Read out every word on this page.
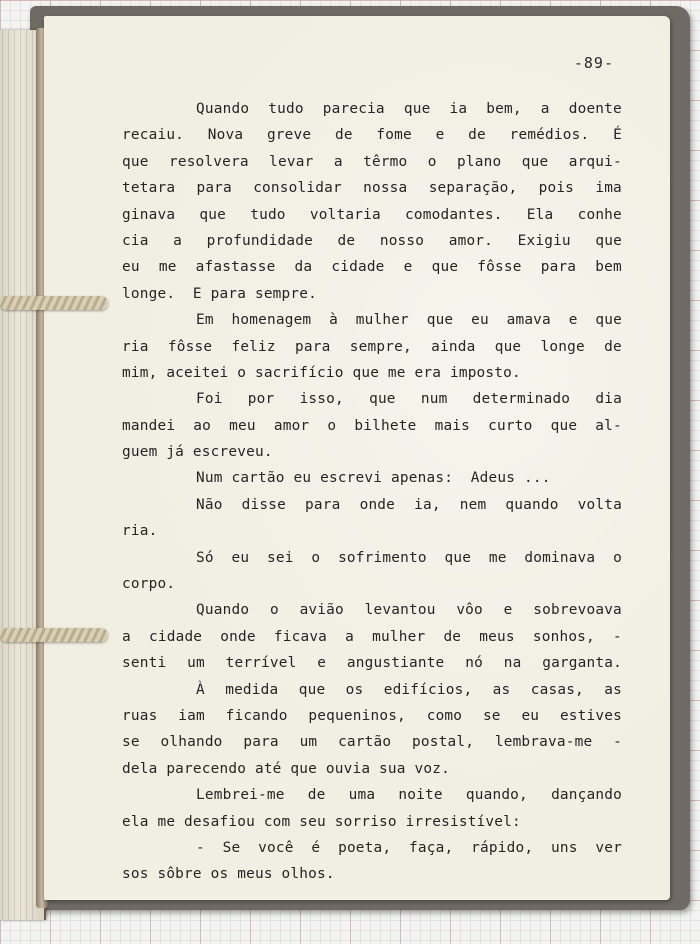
-89-
Quando tudo parecia que ia bem, a doente
recaiu. Nova greve de fome e de remédios. É
que resolvera levar a têrmo o plano que arqui-
tetara para consolidar nossa separação, pois ima
ginava que tudo voltaria comodantes. Ela conhe
cia a profundidade de nosso amor. Exigiu que
eu me afastasse da cidade e que fôsse para bem
longe.  E para sempre.
Em homenagem à mulher que eu amava e que
ria fôsse feliz para sempre, ainda que longe de
mim, aceitei o sacrifício que me era imposto.
Foi por isso, que num determinado dia
mandei ao meu amor o bilhete mais curto que al-
guem já escreveu.
Num cartão eu escrevi apenas:  Adeus ...
Não disse para onde ia, nem quando volta
ria.
Só eu sei o sofrimento que me dominava o
corpo.
Quando o avião levantou vôo e sobrevoava
a cidade onde ficava a mulher de meus sonhos, -
senti um terrível e angustiante nó na garganta.
À medida que os edifícios, as casas, as
ruas iam ficando pequeninos, como se eu estives
se olhando para um cartão postal, lembrava-me -
dela parecendo até que ouvia sua voz.
Lembrei-me de uma noite quando, dançando
ela me desafiou com seu sorriso irresistível:
- Se você é poeta, faça, rápido, uns ver
sos sôbre os meus olhos.
